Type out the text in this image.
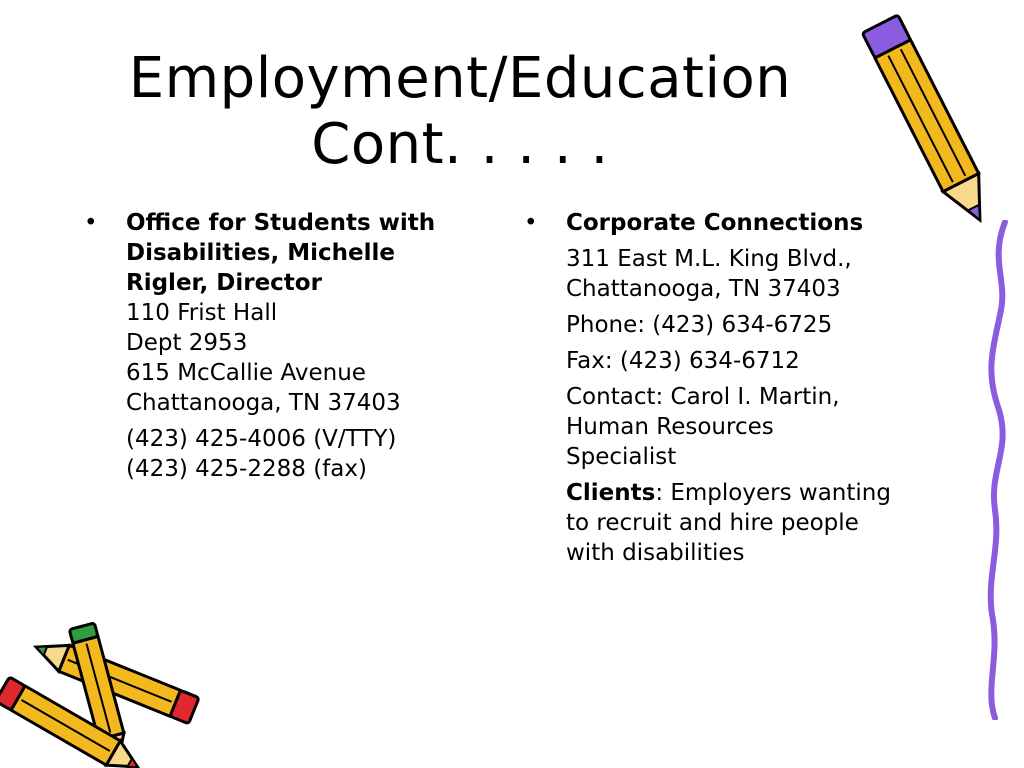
Employment/Education
Cont. . . . .
•	Office for Students with
Disabilities, Michelle
Rigler, Director
110 Frist Hall
Dept 2953
615 McCallie Avenue
Chattanooga, TN 37403
(423) 425-4006 (V/TTY)
(423) 425-2288 (fax)
•	Corporate Connections
311 East M.L. King Blvd.,
Chattanooga, TN 37403
Phone: (423) 634-6725
Fax: (423) 634-6712
Contact: Carol I. Martin,
Human Resources
Specialist
Clients: Employers wanting
to recruit and hire people
with disabilities
